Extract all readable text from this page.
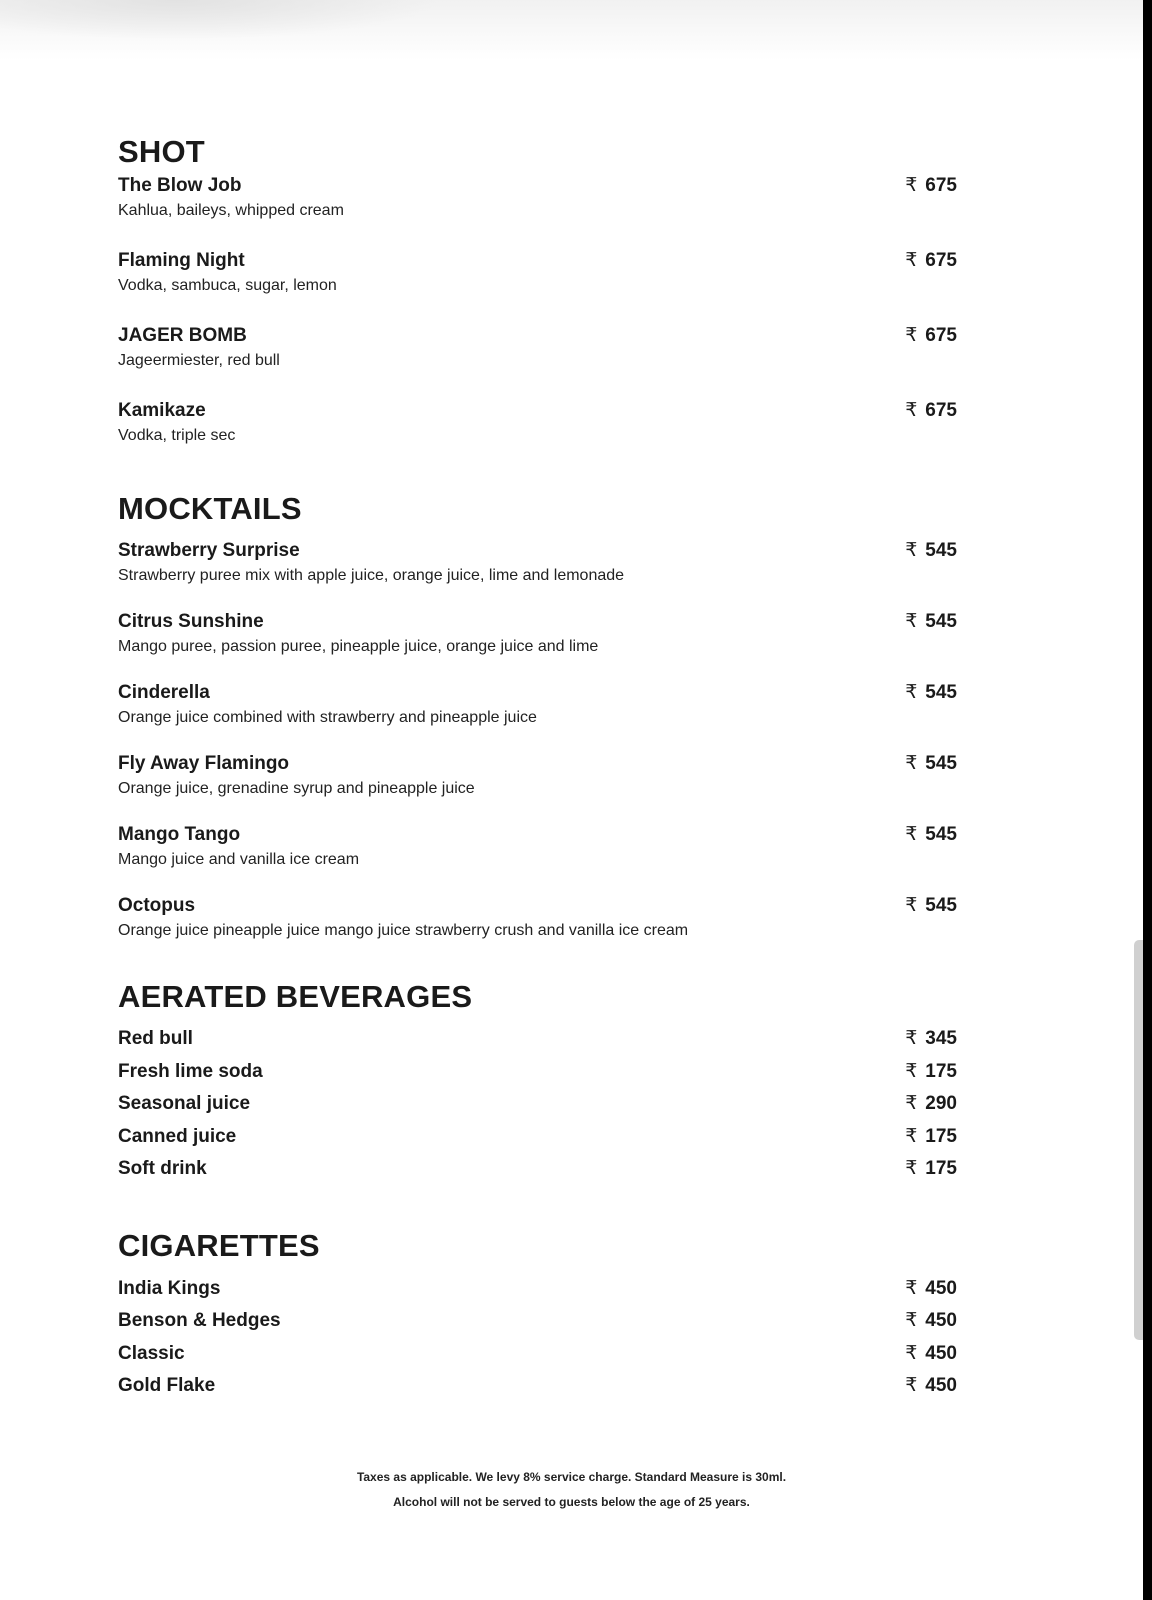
SHOT
The Blow Job
Kahlua, baileys, whipped cream
₹ 675
Flaming Night
Vodka, sambuca, sugar, lemon
₹ 675
JAGER BOMB
Jageermiester, red bull
₹ 675
Kamikaze
Vodka, triple sec
₹ 675
MOCKTAILS
Strawberry Surprise
Strawberry puree mix with apple juice, orange juice, lime and lemonade
₹ 545
Citrus Sunshine
Mango puree, passion puree, pineapple juice, orange juice and lime
₹ 545
Cinderella
Orange juice combined with strawberry and pineapple juice
₹ 545
Fly Away Flamingo
Orange juice, grenadine syrup and pineapple juice
₹ 545
Mango Tango
Mango juice and vanilla ice cream
₹ 545
Octopus
Orange juice pineapple juice mango juice strawberry crush and vanilla ice cream
₹ 545
AERATED BEVERAGES
Red bull	₹ 345
Fresh lime soda	₹ 175
Seasonal juice	₹ 290
Canned juice	₹ 175
Soft drink	₹ 175
CIGARETTES
India Kings	₹ 450
Benson & Hedges	₹ 450
Classic	₹ 450
Gold Flake	₹ 450
Taxes as applicable. We levy 8% service charge. Standard Measure is 30ml.
Alcohol will not be served to guests below the age of 25 years.
